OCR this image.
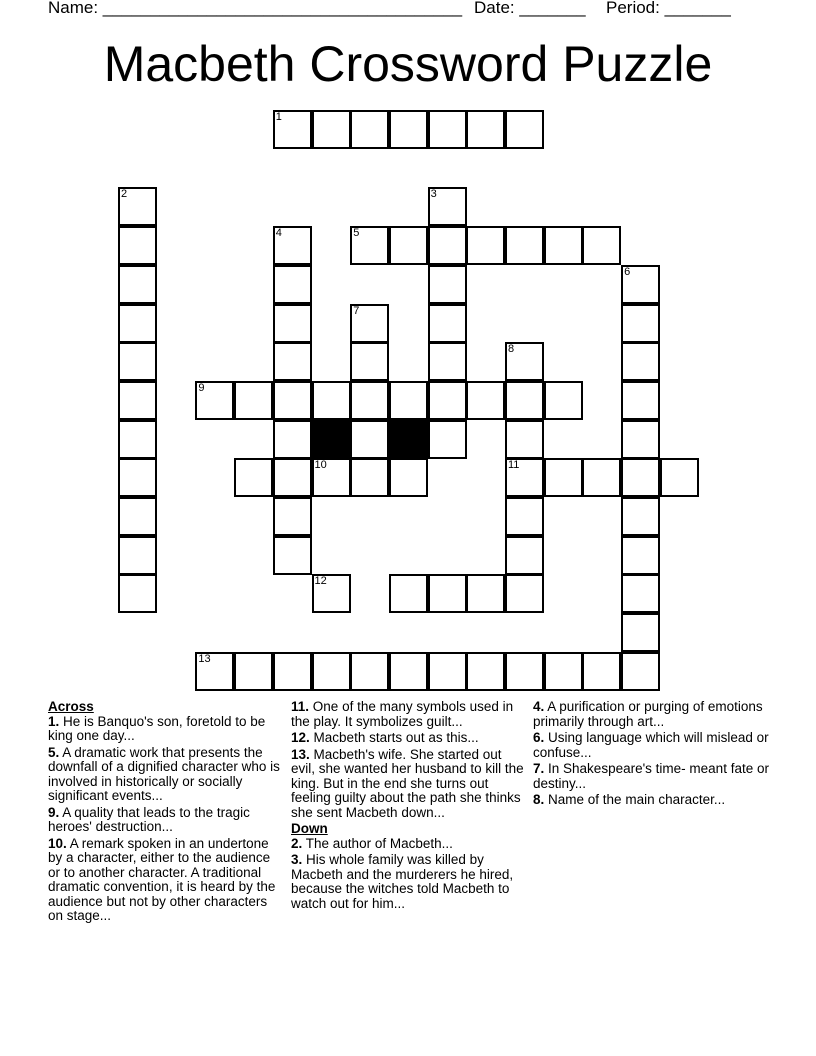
Name: ______________________________________ Date: _______ Period: _______
Macbeth Crossword Puzzle
1
2	3
4	5
6
7
8
9
10	11
12
13
Across
1. He is Banquo's son, foretold to be king one day...
5. A dramatic work that presents the downfall of a dignified character who is involved in historically or socially significant events...
9. A quality that leads to the tragic heroes' destruction...
10. A remark spoken in an undertone by a character, either to the audience or to another character. A traditional dramatic convention, it is heard by the audience but not by other characters on stage...
11. One of the many symbols used in the play. It symbolizes guilt...
12. Macbeth starts out as this...
13. Macbeth's wife. She started out evil, she wanted her husband to kill the king. But in the end she turns out feeling guilty about the path she thinks she sent Macbeth down...
Down
2. The author of Macbeth...
3. His whole family was killed by Macbeth and the murderers he hired, because the witches told Macbeth to watch out for him...
4. A purification or purging of emotions primarily through art...
6. Using language which will mislead or confuse...
7. In Shakespeare's time- meant fate or destiny...
8. Name of the main character...
